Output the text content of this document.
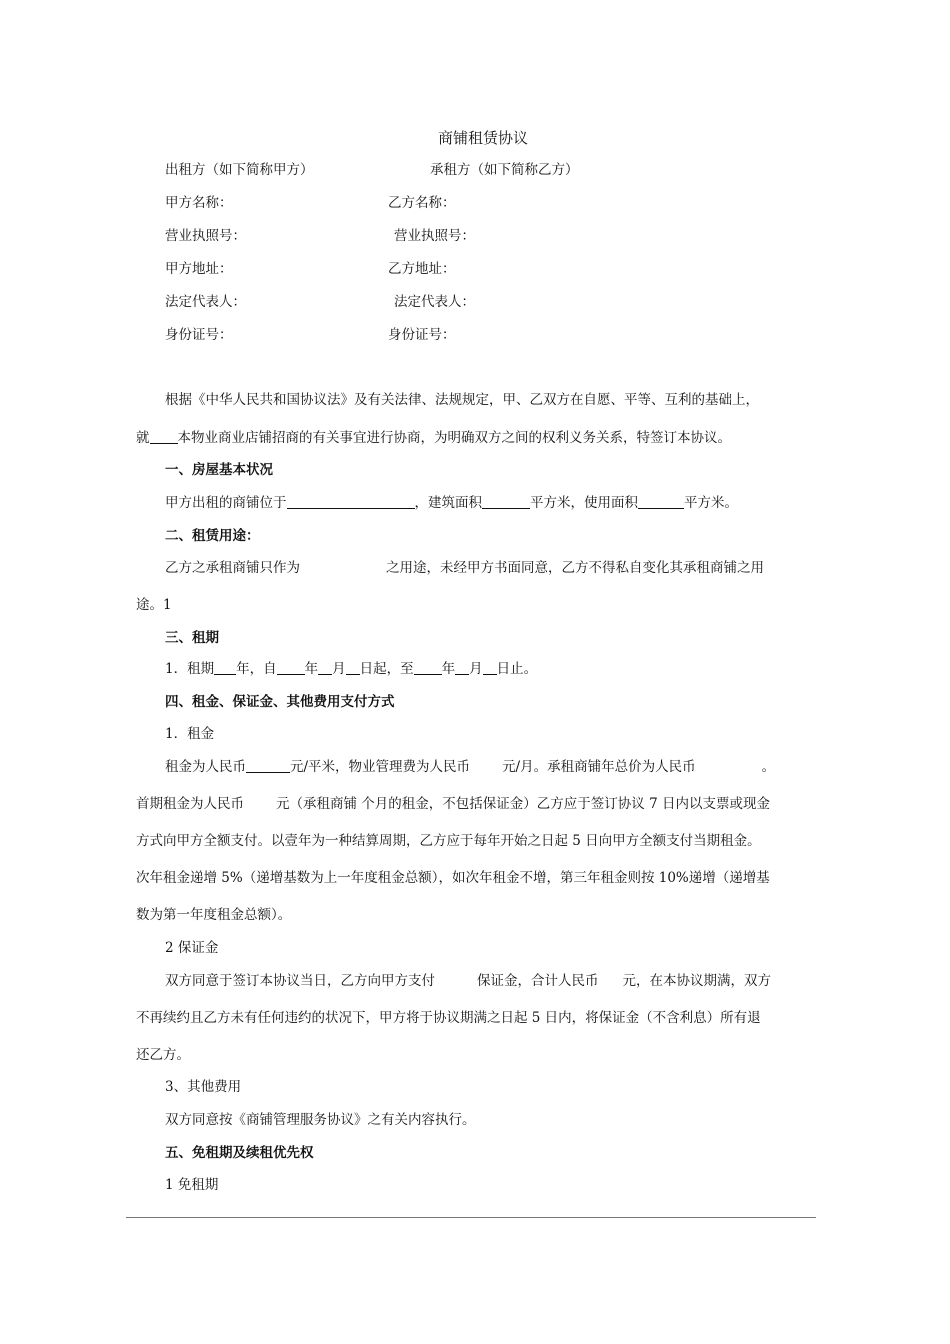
商铺租赁协议
出租方（如下简称甲方）	承租方（如下简称乙方）
甲方名称：	乙方名称：
营业执照号：	营业执照号：
甲方地址：	乙方地址：
法定代表人：	法定代表人：
身份证号：	身份证号：
根据《中华人民共和国协议法》及有关法律、法规规定，甲、乙双方在自愿、平等、互利的基础上，
就 本物业商业店铺招商的有关事宜进行协商，为明确双方之间的权利义务关系，特签订本协议。
一、房屋基本状况
甲方出租的商铺位于	，建筑面积	平方米，使用面积	平方米。
二、租赁用途：
乙方之承租商铺只作为	之用途，未经甲方书面同意，乙方不得私自变化其承租商铺之用
途。1
三、租期
1．租期 年，自 年 月 日起，至 年 月 日止。
四、租金、保证金、其他费用支付方式
1．租金
租金为人民币	元/平米，物业管理费为人民币 元/月。承租商铺年总价为人民币	。
首期租金为人民币 元（承租商铺 个月的租金，不包括保证金）乙方应于签订协议 7 日内以支票或现金
方式向甲方全额支付。以壹年为一种结算周期，乙方应于每年开始之日起 5 日向甲方全额支付当期租金。
次年租金递增 5%（递增基数为上一年度租金总额），如次年租金不增，第三年租金则按 10%递增（递增基
数为第一年度租金总额）。
2 保证金
双方同意于签订本协议当日，乙方向甲方支付	保证金，合计人民币 元，在本协议期满，双方
不再续约且乙方未有任何违约的状况下，甲方将于协议期满之日起 5 日内，将保证金（不含利息）所有退
还乙方。
3、其他费用
双方同意按《商铺管理服务协议》之有关内容执行。
五、免租期及续租优先权
1 免租期
